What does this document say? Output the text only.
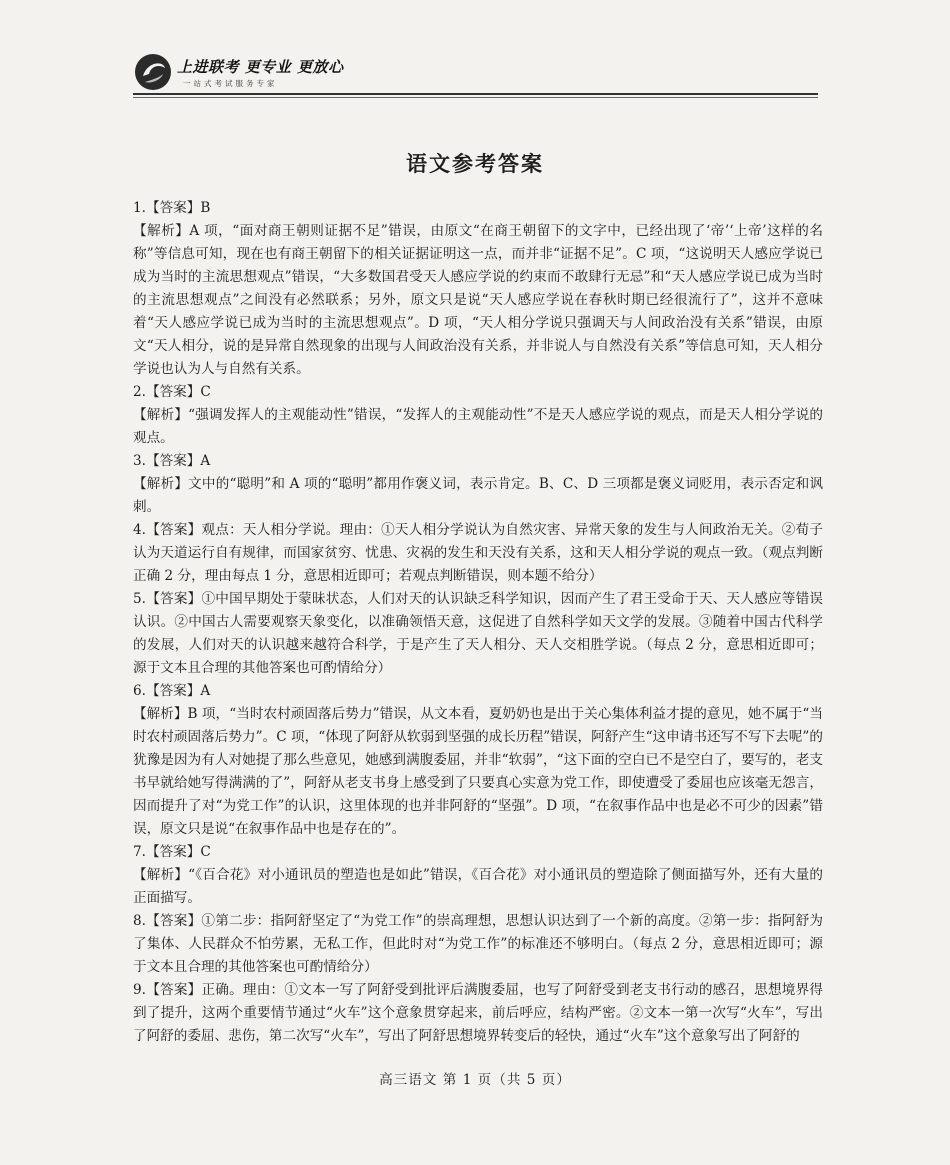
上进联考 更专业 更放心
一站式考试服务专家
语文参考答案

1.【答案】B

【解析】A 项，“面对商王朝则证据不足”错误，由原文“在商王朝留下的文字中，已经出现了‘帝’‘上帝’这样的名称”等信息可知，现在也有商王朝留下的相关证据证明这一点，而并非“证据不足”。C 项，“这说明天人感应学说已成为当时的主流思想观点”错误，“大多数国君受天人感应学说的约束而不敢肆行无忌”和“天人感应学说已成为当时的主流思想观点”之间没有必然联系；另外，原文只是说“天人感应学说在春秋时期已经很流行了”，这并不意味着“天人感应学说已成为当时的主流思想观点”。D 项，“天人相分学说只强调天与人间政治没有关系”错误，由原文“天人相分，说的是异常自然现象的出现与人间政治没有关系，并非说人与自然没有关系”等信息可知，天人相分学说也认为人与自然有关系。

2.【答案】C

【解析】“强调发挥人的主观能动性”错误，“发挥人的主观能动性”不是天人感应学说的观点，而是天人相分学说的观点。

3.【答案】A

【解析】文中的“聪明”和 A 项的“聪明”都用作褒义词，表示肯定。B、C、D 三项都是褒义词贬用，表示否定和讽刺。

4.【答案】观点：天人相分学说。理由：①天人相分学说认为自然灾害、异常天象的发生与人间政治无关。②荀子认为天道运行自有规律，而国家贫穷、忧患、灾祸的发生和天没有关系，这和天人相分学说的观点一致。（观点判断正确 2 分，理由每点 1 分，意思相近即可；若观点判断错误，则本题不给分）

5.【答案】①中国早期处于蒙昧状态，人们对天的认识缺乏科学知识，因而产生了君王受命于天、天人感应等错误认识。②中国古人需要观察天象变化，以准确领悟天意，这促进了自然科学如天文学的发展。③随着中国古代科学的发展，人们对天的认识越来越符合科学，于是产生了天人相分、天人交相胜学说。（每点 2 分，意思相近即可；源于文本且合理的其他答案也可酌情给分）

6.【答案】A

【解析】B 项，“当时农村顽固落后势力”错误，从文本看，夏奶奶也是出于关心集体利益才提的意见，她不属于“当时农村顽固落后势力”。C 项，“体现了阿舒从软弱到坚强的成长历程”错误，阿舒产生“这申请书还写不写下去呢”的犹豫是因为有人对她提了那么些意见，她感到满腹委屈，并非“软弱”，“这下面的空白已不是空白了，要写的，老支书早就给她写得满满的了”，阿舒从老支书身上感受到了只要真心实意为党工作，即使遭受了委屈也应该毫无怨言，因而提升了对“为党工作”的认识，这里体现的也并非阿舒的“坚强”。D 项，“在叙事作品中也是必不可少的因素”错误，原文只是说“在叙事作品中也是存在的”。

7.【答案】C

【解析】“《百合花》对小通讯员的塑造也是如此”错误，《百合花》对小通讯员的塑造除了侧面描写外，还有大量的正面描写。

8.【答案】①第二步：指阿舒坚定了“为党工作”的崇高理想，思想认识达到了一个新的高度。②第一步：指阿舒为了集体、人民群众不怕劳累，无私工作，但此时对“为党工作”的标准还不够明白。（每点 2 分，意思相近即可；源于文本且合理的其他答案也可酌情给分）

9.【答案】正确。理由：①文本一写了阿舒受到批评后满腹委屈，也写了阿舒受到老支书行动的感召，思想境界得到了提升，这两个重要情节通过“火车”这个意象贯穿起来，前后呼应，结构严密。②文本一第一次写“火车”，写出了阿舒的委屈、悲伤，第二次写“火车”，写出了阿舒思想境界转变后的轻快，通过“火车”这个意象写出了阿舒的

高三语文 第 1 页（共 5 页）
